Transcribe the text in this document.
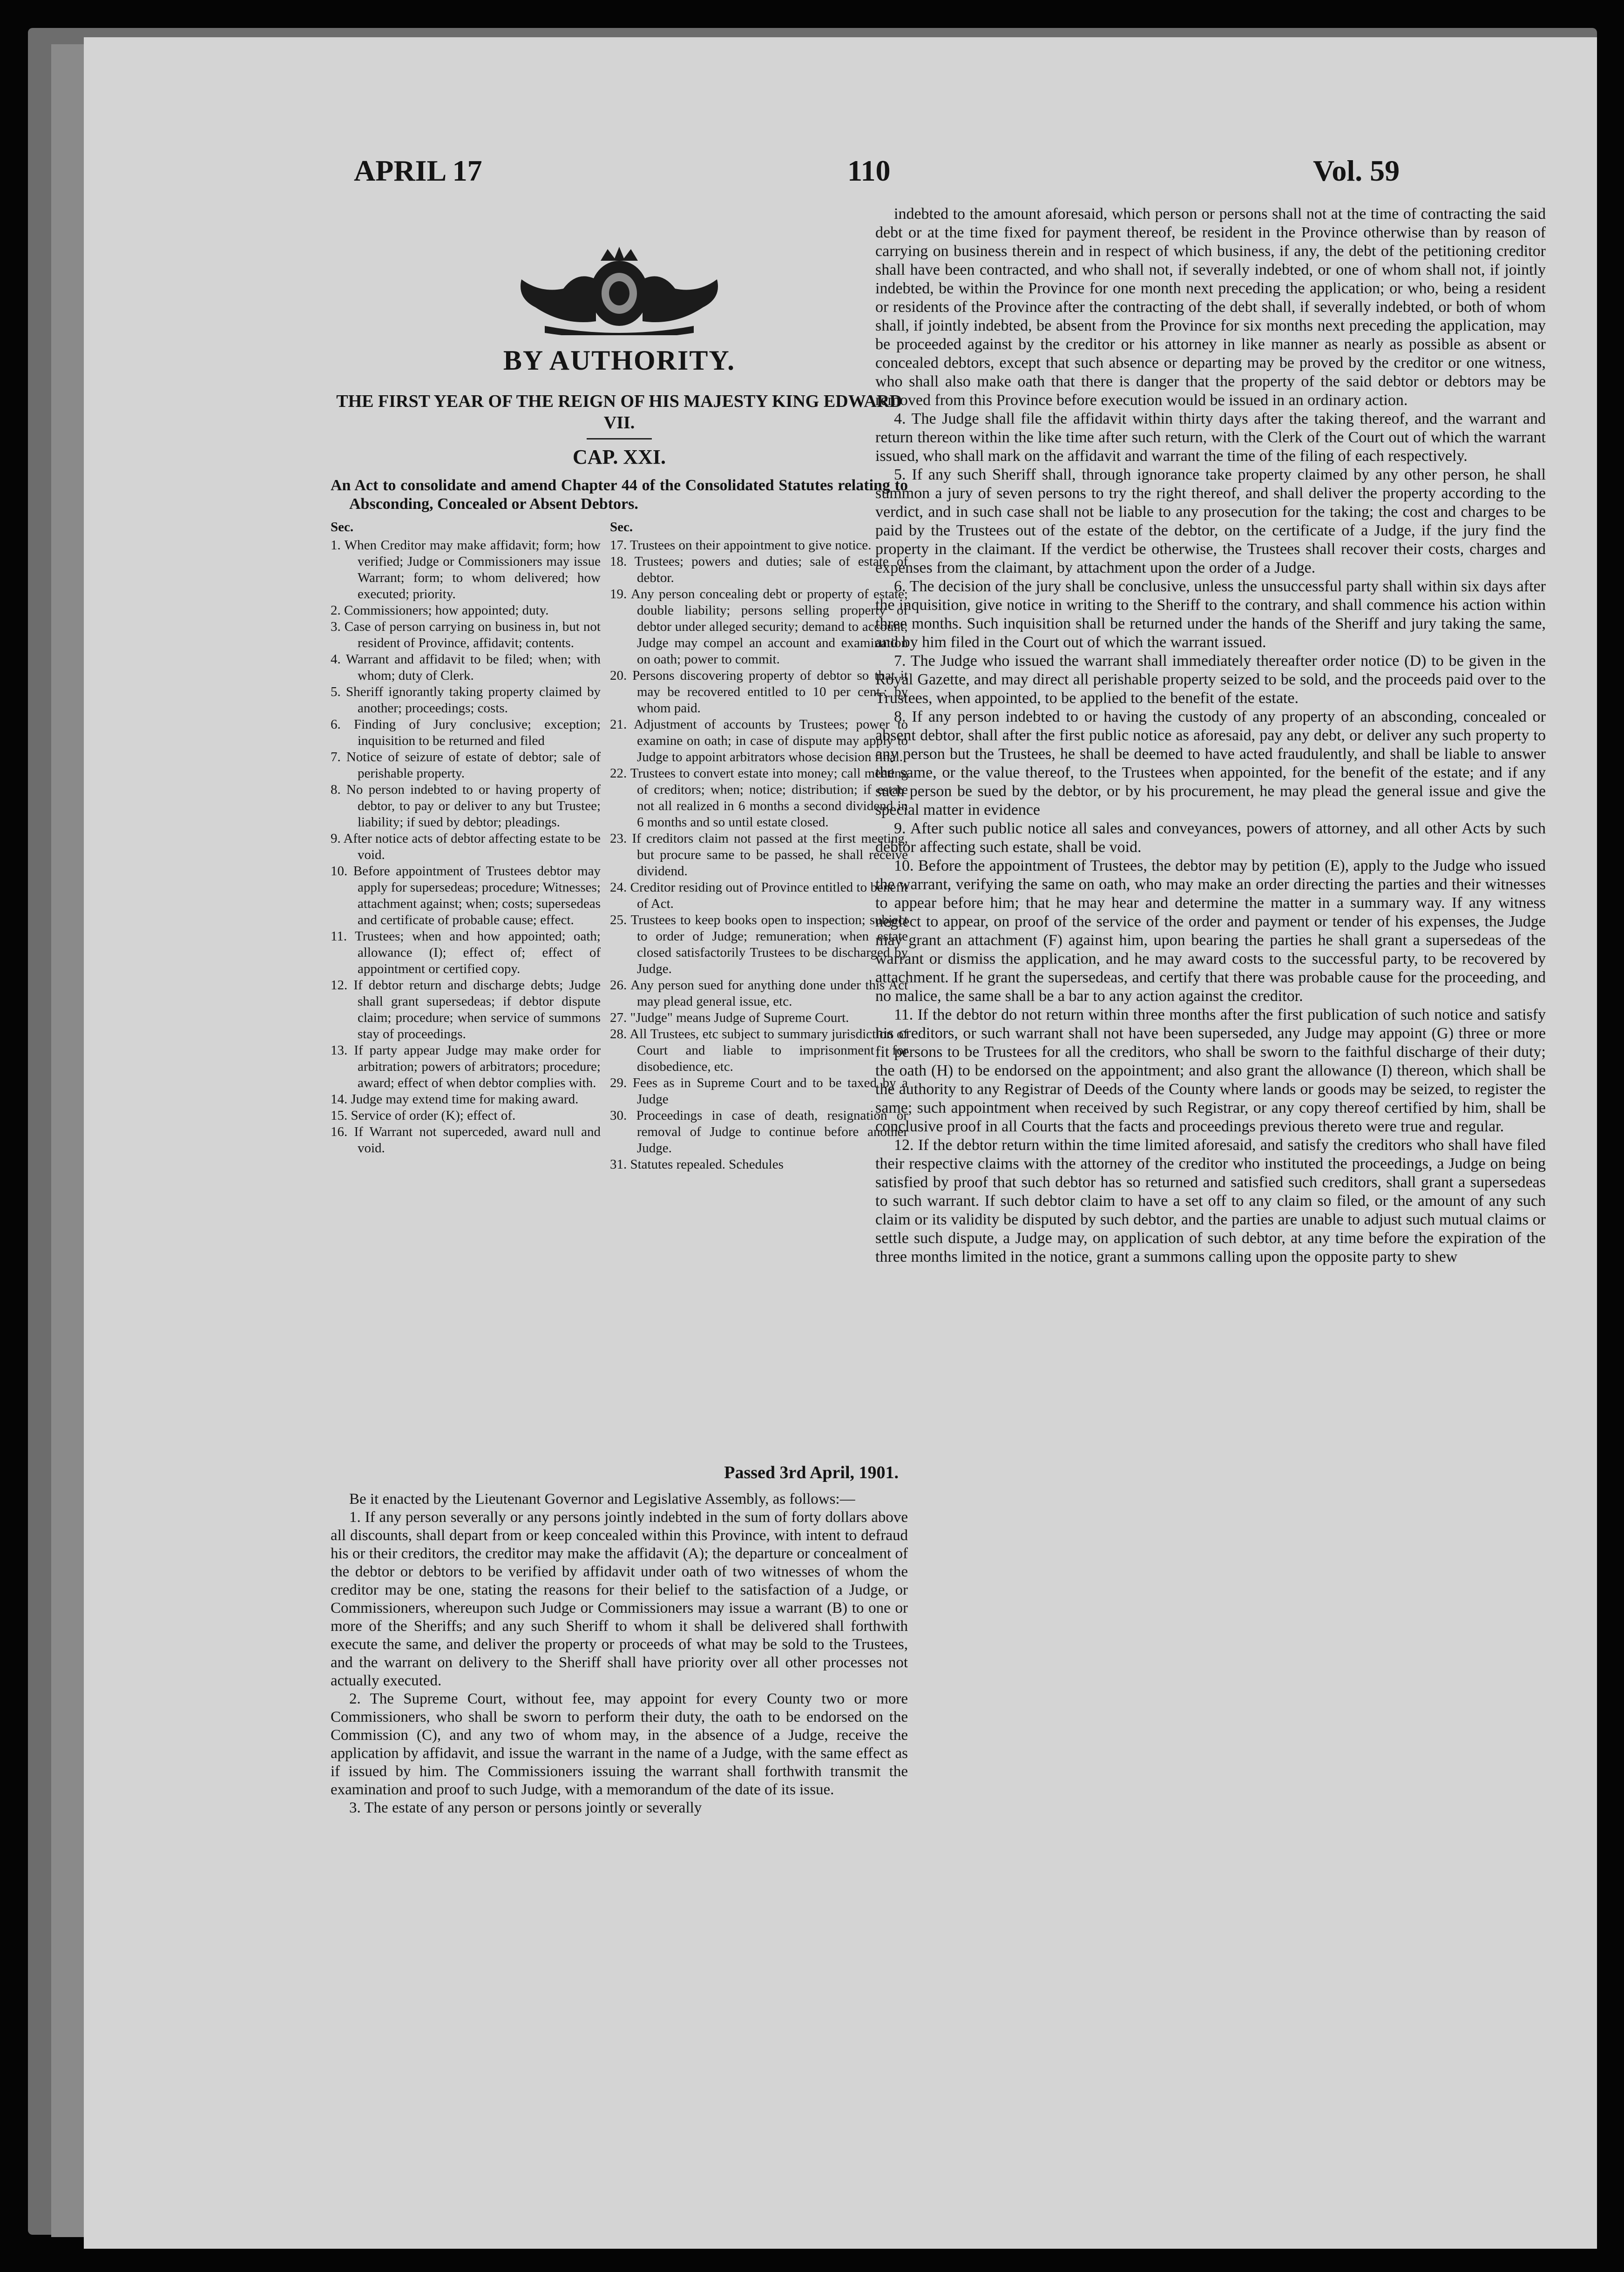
APRIL 17	110	Vol. 59
BY AUTHORITY.
THE FIRST YEAR OF THE REIGN OF HIS MAJESTY KING EDWARD VII.
CAP. XXI.
An Act to consolidate and amend Chapter 44 of the Consolidated Statutes relating to Absconding, Concealed or Absent Debtors.
Sec.
1. When Creditor may make affidavit; form; how verified; Judge or Commissioners may issue Warrant; form; to whom delivered; how executed; priority.
2. Commissioners; how appointed; duty.
3. Case of person carrying on business in, but not resident of Province, affidavit; contents.
4. Warrant and affidavit to be filed; when; with whom; duty of Clerk.
5. Sheriff ignorantly taking property claimed by another; proceedings; costs.
6. Finding of Jury conclusive; exception; inquisition to be returned and filed
7. Notice of seizure of estate of debtor; sale of perishable property.
8. No person indebted to or having property of debtor, to pay or deliver to any but Trustee; liability; if sued by debtor; pleadings.
9. After notice acts of debtor affecting estate to be void.
10. Before appointment of Trustees debtor may apply for supersedeas; procedure; Witnesses; attachment against; when; costs; supersedeas and certificate of probable cause; effect.
11. Trustees; when and how appointed; oath; allowance (I); effect of; effect of appointment or certified copy.
12. If debtor return and discharge debts; Judge shall grant supersedeas; if debtor dispute claim; procedure; when service of summons stay of proceedings.
13. If party appear Judge may make order for arbitration; powers of arbitrators; procedure; award; effect of when debtor complies with.
14. Judge may extend time for making award.
15. Service of order (K); effect of.
16. If Warrant not superceded, award null and void.
Sec.
17. Trustees on their appointment to give notice.
18. Trustees; powers and duties; sale of estate of debtor.
19. Any person concealing debt or property of estate; double liability; persons selling property of debtor under alleged security; demand to account; Judge may compel an account and examination on oath; power to commit.
20. Persons discovering property of debtor so that it may be recovered entitled to 10 per cent.; by whom paid.
21. Adjustment of accounts by Trustees; power to examine on oath; in case of dispute may apply to Judge to appoint arbitrators whose decision final.
22. Trustees to convert estate into money; call meeting of creditors; when; notice; distribution; if estate not all realized in 6 months a second dividend in 6 months and so until estate closed.
23. If creditors claim not passed at the first meeting, but procure same to be passed, he shall receive dividend.
24. Creditor residing out of Province entitled to benefit of Act.
25. Trustees to keep books open to inspection; subject to order of Judge; remuneration; when estate closed satisfactorily Trustees to be discharged by Judge.
26. Any person sued for anything done under this Act may plead general issue, etc.
27. "Judge" means Judge of Supreme Court.
28. All Trustees, etc subject to summary jurisdiction of Court and liable to imprisonment for disobedience, etc.
29. Fees as in Supreme Court and to be taxed by a Judge
30. Proceedings in case of death, resignation or removal of Judge to continue before another Judge.
31. Statutes repealed. Schedules
Passed 3rd April, 1901.

Be it enacted by the Lieutenant Governor and Legislative Assembly, as follows:—

1. If any person severally or any persons jointly indebted in the sum of forty dollars above all discounts, shall depart from or keep concealed within this Province, with intent to defraud his or their creditors, the creditor may make the affidavit (A); the departure or concealment of the debtor or debtors to be verified by affidavit under oath of two witnesses of whom the creditor may be one, stating the reasons for their belief to the satisfaction of a Judge, or Commissioners, whereupon such Judge or Commissioners may issue a warrant (B) to one or more of the Sheriffs; and any such Sheriff to whom it shall be delivered shall forthwith execute the same, and deliver the property or proceeds of what may be sold to the Trustees, and the warrant on delivery to the Sheriff shall have priority over all other processes not actually executed.

2. The Supreme Court, without fee, may appoint for every County two or more Commissioners, who shall be sworn to perform their duty, the oath to be endorsed on the Commission (C), and any two of whom may, in the absence of a Judge, receive the application by affidavit, and issue the warrant in the name of a Judge, with the same effect as if issued by him. The Commissioners issuing the warrant shall forthwith transmit the examination and proof to such Judge, with a memorandum of the date of its issue.

3. The estate of any person or persons jointly or severally

indebted to the amount aforesaid, which person or persons shall not at the time of contracting the said debt or at the time fixed for payment thereof, be resident in the Province otherwise than by reason of carrying on business therein and in respect of which business, if any, the debt of the petitioning creditor shall have been contracted, and who shall not, if severally indebted, or one of whom shall not, if jointly indebted, be within the Province for one month next preceding the application; or who, being a resident or residents of the Province after the contracting of the debt shall, if severally indebted, or both of whom shall, if jointly indebted, be absent from the Province for six months next preceding the application, may be proceeded against by the creditor or his attorney in like manner as nearly as possible as absent or concealed debtors, except that such absence or departing may be proved by the creditor or one witness, who shall also make oath that there is danger that the property of the said debtor or debtors may be removed from this Province before execution would be issued in an ordinary action.

4. The Judge shall file the affidavit within thirty days after the taking thereof, and the warrant and return thereon within the like time after such return, with the Clerk of the Court out of which the warrant issued, who shall mark on the affidavit and warrant the time of the filing of each respectively.

5. If any such Sheriff shall, through ignorance take property claimed by any other person, he shall summon a jury of seven persons to try the right thereof, and shall deliver the property according to the verdict, and in such case shall not be liable to any prosecution for the taking; the cost and charges to be paid by the Trustees out of the estate of the debtor, on the certificate of a Judge, if the jury find the property in the claimant. If the verdict be otherwise, the Trustees shall recover their costs, charges and expenses from the claimant, by attachment upon the order of a Judge.

6. The decision of the jury shall be conclusive, unless the unsuccessful party shall within six days after the inquisition, give notice in writing to the Sheriff to the contrary, and shall commence his action within three months. Such inquisition shall be returned under the hands of the Sheriff and jury taking the same, and by him filed in the Court out of which the warrant issued.

7. The Judge who issued the warrant shall immediately thereafter order notice (D) to be given in the Royal Gazette, and may direct all perishable property seized to be sold, and the proceeds paid over to the Trustees, when appointed, to be applied to the benefit of the estate.

8. If any person indebted to or having the custody of any property of an absconding, concealed or absent debtor, shall after the first public notice as aforesaid, pay any debt, or deliver any such property to any person but the Trustees, he shall be deemed to have acted fraudulently, and shall be liable to answer the same, or the value thereof, to the Trustees when appointed, for the benefit of the estate; and if any such person be sued by the debtor, or by his procurement, he may plead the general issue and give the special matter in evidence

9. After such public notice all sales and conveyances, powers of attorney, and all other Acts by such debtor affecting such estate, shall be void.

10. Before the appointment of Trustees, the debtor may by petition (E), apply to the Judge who issued the warrant, verifying the same on oath, who may make an order directing the parties and their witnesses to appear before him; that he may hear and determine the matter in a summary way. If any witness neglect to appear, on proof of the service of the order and payment or tender of his expenses, the Judge may grant an attachment (F) against him, upon bearing the parties he shall grant a supersedeas of the warrant or dismiss the application, and he may award costs to the successful party, to be recovered by attachment. If he grant the supersedeas, and certify that there was probable cause for the proceeding, and no malice, the same shall be a bar to any action against the creditor.

11. If the debtor do not return within three months after the first publication of such notice and satisfy his creditors, or such warrant shall not have been superseded, any Judge may appoint (G) three or more fit persons to be Trustees for all the creditors, who shall be sworn to the faithful discharge of their duty; the oath (H) to be endorsed on the appointment; and also grant the allowance (I) thereon, which shall be the authority to any Registrar of Deeds of the County where lands or goods may be seized, to register the same; such appointment when received by such Registrar, or any copy thereof certified by him, shall be conclusive proof in all Courts that the facts and proceedings previous thereto were true and regular.

12. If the debtor return within the time limited aforesaid, and satisfy the creditors who shall have filed their respective claims with the attorney of the creditor who instituted the proceedings, a Judge on being satisfied by proof that such debtor has so returned and satisfied such creditors, shall grant a supersedeas to such warrant. If such debtor claim to have a set off to any claim so filed, or the amount of any such claim or its validity be disputed by such debtor, and the parties are unable to adjust such mutual claims or settle such dispute, a Judge may, on application of such debtor, at any time before the expiration of the three months limited in the notice, grant a summons calling upon the opposite party to shew
